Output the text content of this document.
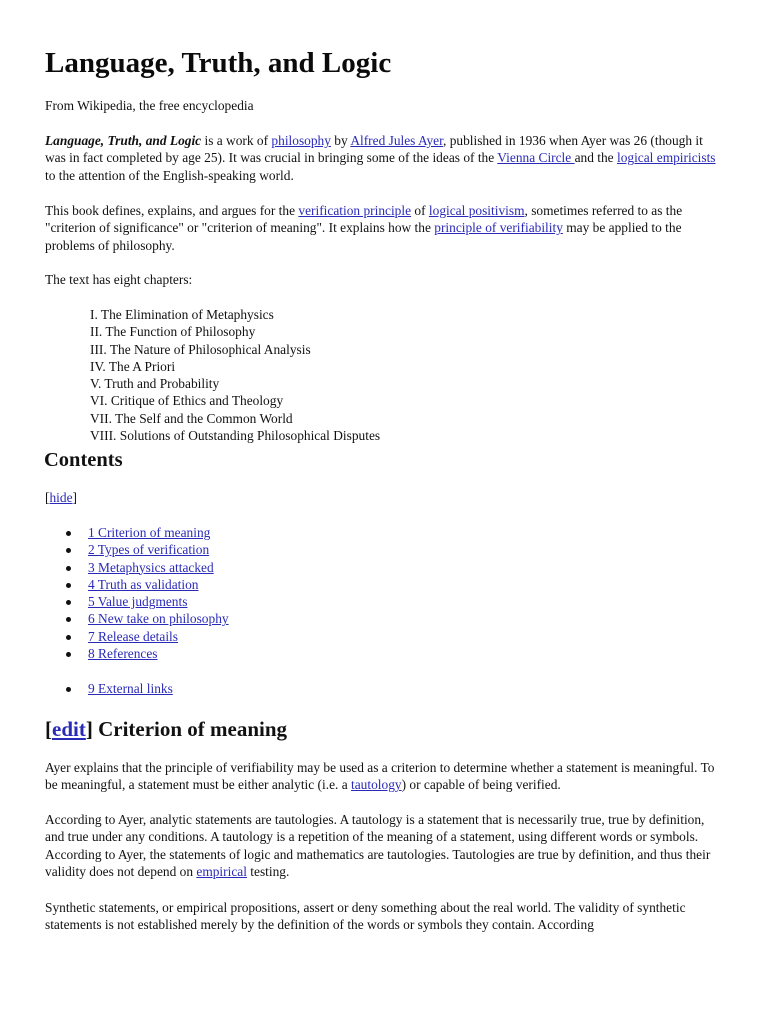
Language, Truth, and Logic
From Wikipedia, the free encyclopedia
Language, Truth, and Logic is a work of philosophy by Alfred Jules Ayer, published in 1936 when Ayer was 26 (though it was in fact completed by age 25). It was crucial in bringing some of the ideas of the Vienna Circle and the logical empiricists to the attention of the English-speaking world.
This book defines, explains, and argues for the verification principle of logical positivism, sometimes referred to as the "criterion of significance" or "criterion of meaning". It explains how the principle of verifiability may be applied to the problems of philosophy.
The text has eight chapters:
I. The Elimination of Metaphysics
II. The Function of Philosophy
III. The Nature of Philosophical Analysis
IV. The A Priori
V. Truth and Probability
VI. Critique of Ethics and Theology
VII. The Self and the Common World
VIII. Solutions of Outstanding Philosophical Disputes
Contents
[hide]
1 Criterion of meaning
2 Types of verification
3 Metaphysics attacked
4 Truth as validation
5 Value judgments
6 New take on philosophy
7 Release details
8 References
9 External links
[edit] Criterion of meaning
Ayer explains that the principle of verifiability may be used as a criterion to determine whether a statement is meaningful. To be meaningful, a statement must be either analytic (i.e. a tautology) or capable of being verified.
According to Ayer, analytic statements are tautologies. A tautology is a statement that is necessarily true, true by definition, and true under any conditions. A tautology is a repetition of the meaning of a statement, using different words or symbols. According to Ayer, the statements of logic and mathematics are tautologies. Tautologies are true by definition, and thus their validity does not depend on empirical testing.
Synthetic statements, or empirical propositions, assert or deny something about the real world. The validity of synthetic statements is not established merely by the definition of the words or symbols they contain. According
